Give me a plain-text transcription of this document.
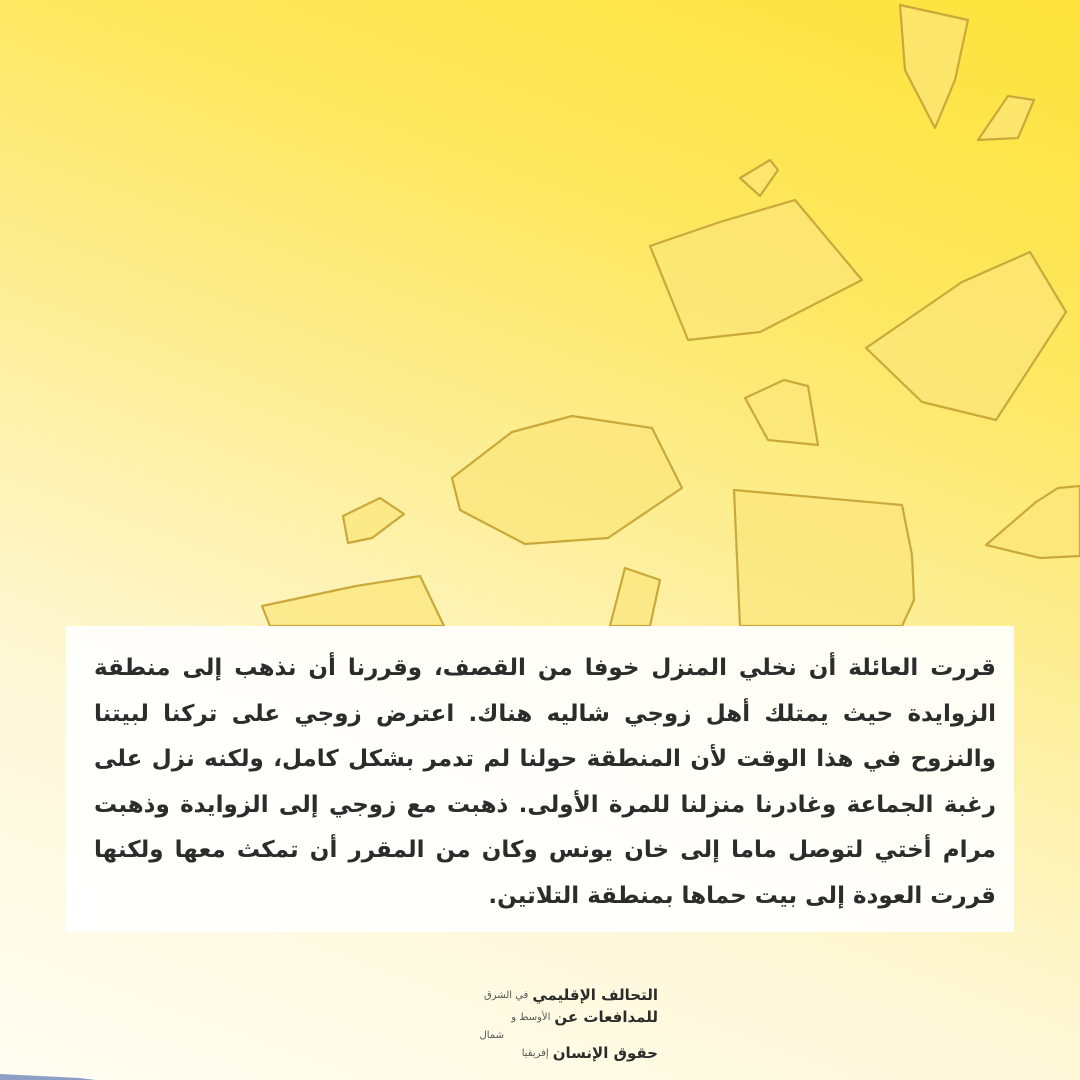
قررت العائلة أن نخلي المنزل خوفا من القصف، وقررنا أن نذهب إلى منطقة الزوايدة حيث يمتلك أهل زوجي شاليه هناك. اعترض زوجي على تركنا لبيتنا والنزوح في هذا الوقت لأن المنطقة حولنا لم تدمر بشكل كامل، ولكنه نزل على رغبة الجماعة وغادرنا منزلنا للمرة الأولى. ذهبت مع زوجي إلى الزوايدة وذهبت مرام أختي لتوصل ماما إلى خان يونس وكان من المقرر أن تمكث معها ولكنها قررت العودة إلى بيت حماها بمنطقة التلاتين.

التحالف الإقليمي
في الشرق
للمدافعات عن
الأوسط و
شمال
حقوق الإنسان
إفريقيا
